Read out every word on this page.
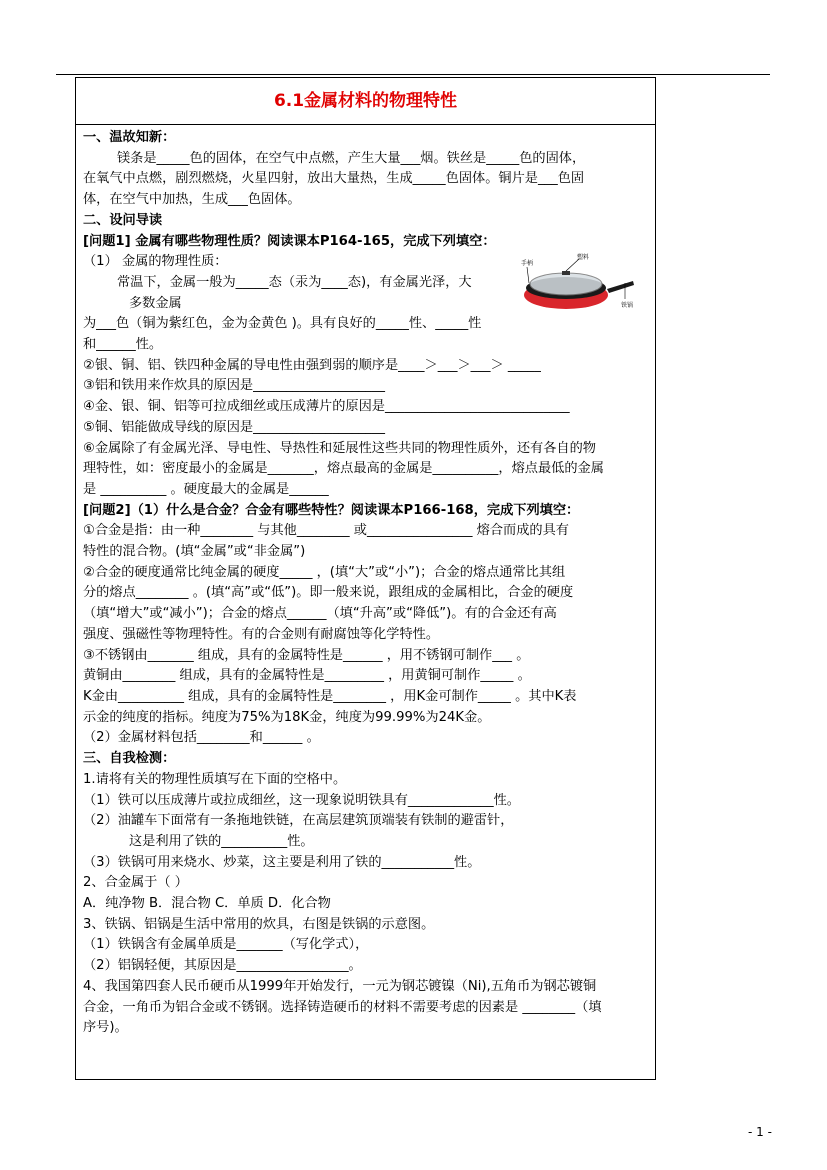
6.1金属材料的物理特性

一、温故知新：

镁条是_____色的固体，在空气中点燃，产生大量___烟。铁丝是_____色的固体，

在氧气中点燃，剧烈燃烧，火星四射，放出大量热，生成_____色固体。铜片是___色固

体，在空气中加热，生成___色固体。

二、设问导读

[问题1] 金属有哪些物理性质？阅读课本P164-165，完成下列填空：

（1） 金属的物理性质：

常温下，金属一般为_____态（汞为____态)，有金属光泽，大

多数金属

为___色（铜为紫红色，金为金黄色 )。具有良好的_____性、_____性

和______性。

②银、铜、铝、铁四种金属的导电性由强到弱的顺序是____＞___＞___＞ _____

③铝和铁用来作炊具的原因是____________________

④金、银、铜、铝等可拉成细丝或压成薄片的原因是____________________________

⑤铜、铝能做成导线的原因是____________________

⑥金属除了有金属光泽、导电性、导热性和延展性这些共同的物理性质外，还有各自的物

理特性，如：密度最小的金属是_______，熔点最高的金属是__________，熔点最低的金属

是 __________ 。硬度最大的金属是______

[问题2]（1）什么是合金？合金有哪些特性？阅读课本P166-168，完成下列填空：

①合金是指：由一种________ 与其他________ 或________________ 熔合而成的具有

特性的混合物。(填“金属”或“非金属”)

②合金的硬度通常比纯金属的硬度_____ ，(填“大”或“小”)；合金的熔点通常比其组

分的熔点________ 。(填“高”或“低”)。即一般来说，跟组成的金属相比，合金的硬度

（填“增大”或“减小”)；合金的熔点______（填“升高”或“降低”)。有的合金还有高

强度、强磁性等物理特性。有的合金则有耐腐蚀等化学特性。

③不锈钢由_______ 组成，具有的金属特性是______ ，用不锈钢可制作___ 。

黄铜由________ 组成，具有的金属特性是_________ ，用黄铜可制作_____ 。

K金由__________ 组成，具有的金属特性是________ ，用K金可制作_____ 。其中K表

示金的纯度的指标。纯度为75%为18K金，纯度为99.99%为24K金。

（2）金属材料包括________和______ 。

三、自我检测：

1.请将有关的物理性质填写在下面的空格中。

（1）铁可以压成薄片或拉成细丝，这一现象说明铁具有_____________性。

（2）油罐车下面常有一条拖地铁链，在高层建筑顶端装有铁制的避雷针，

这是利用了铁的__________性。

（3）铁锅可用来烧水、炒菜，这主要是利用了铁的___________性。

2、合金属于（ ）

A．纯净物 B．混合物 C．单质 D．化合物

3、铁锅、铝锅是生活中常用的炊具，右图是铁锅的示意图。

（1）铁锅含有金属单质是_______（写化学式），

（2）铝锅轻便，其原因是_________________。

4、我国第四套人民币硬币从1999年开始发行，一元为钢芯镀镍（Ni),五角币为钢芯镀铜

合金，一角币为铝合金或不锈钢。选择铸造硬币的材料不需要考虑的因素是 ________（填

序号)。

塑料
手柄
铁锅
- 1 -
